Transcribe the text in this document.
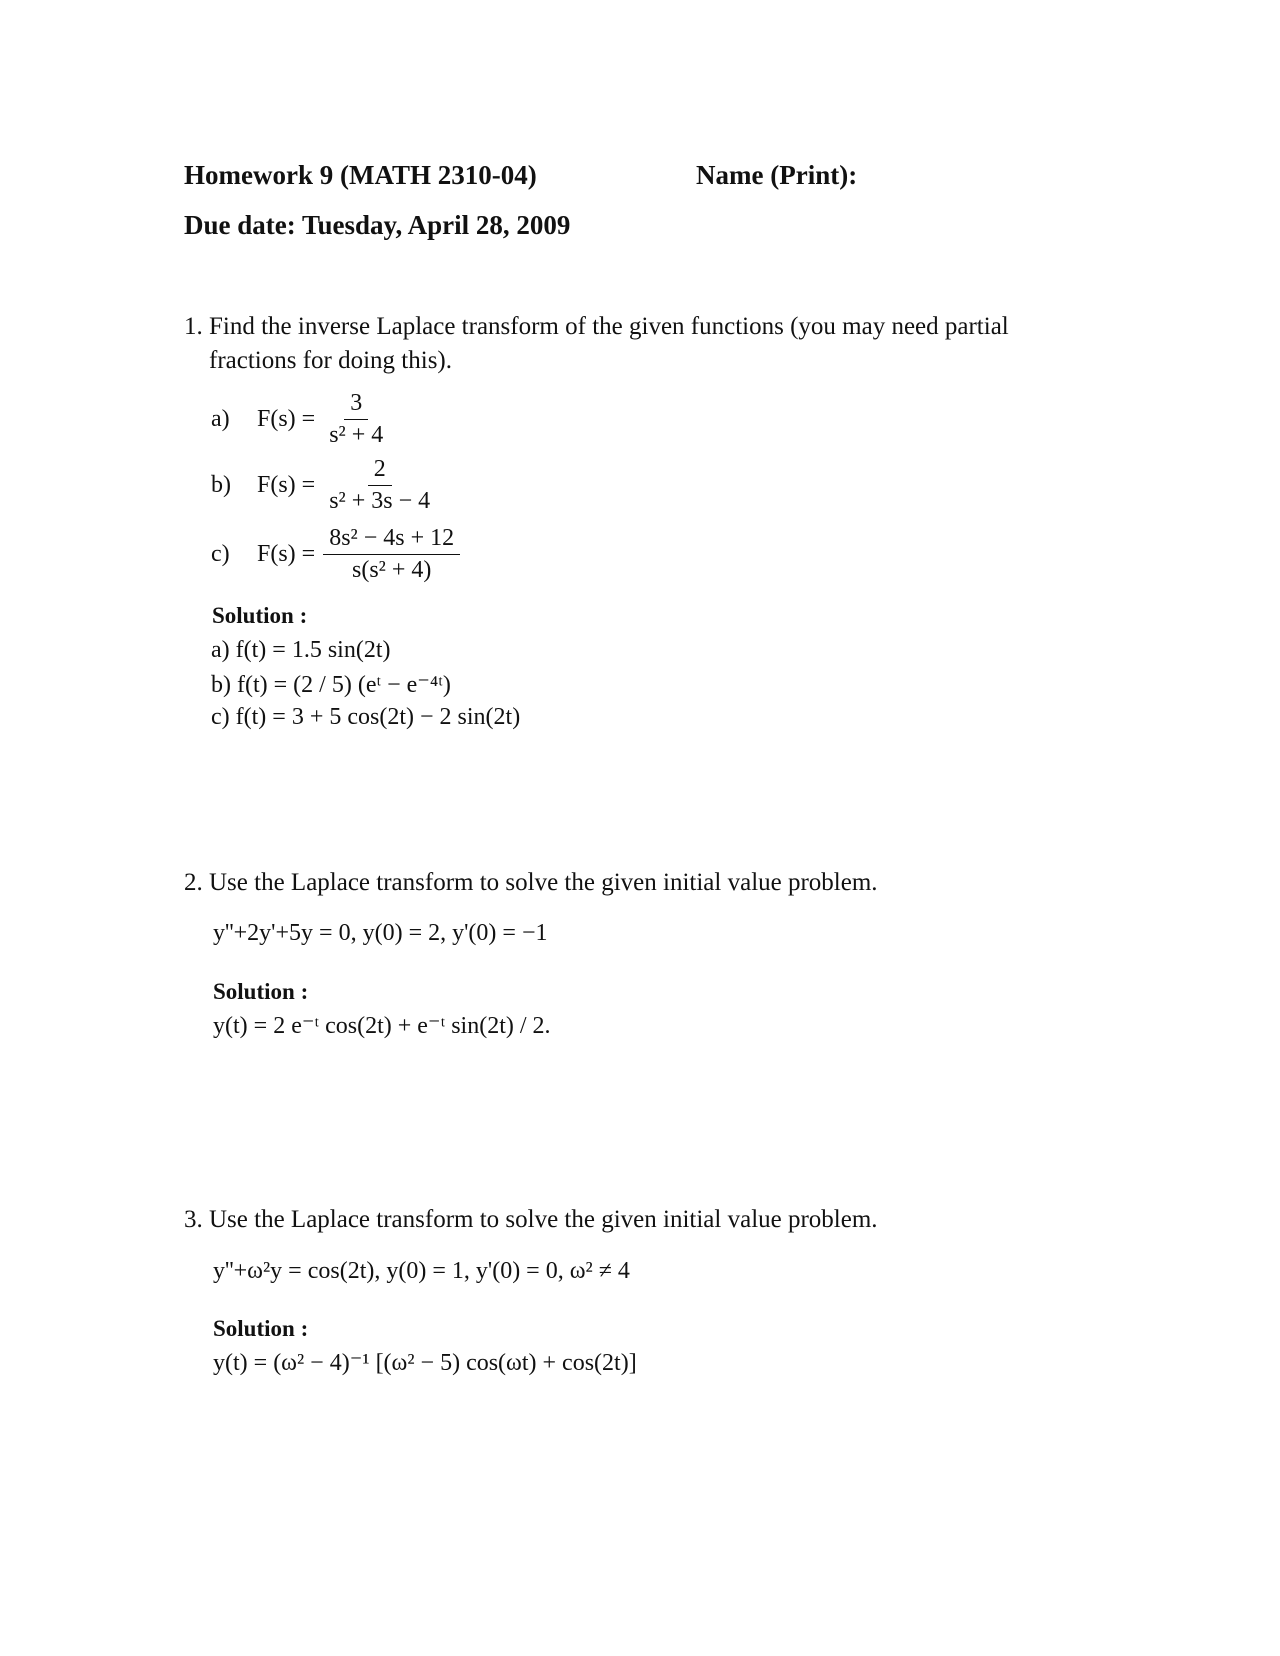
Homework 9 (MATH 2310-04)	Name (Print):
Due date: Tuesday, April 28, 2009
1. Find the inverse Laplace transform of the given functions (you may need partial
fractions for doing this).
a)	$F(s) = \frac{3}{\text{s² + 4}}$
b)	$F(s) = \frac{2}{\text{s² + 3s − 4}}$
c)	$F(s) = \frac{\text{8s² − 4s + 12}}{\text{s(s² + 4)}}$
Solution :
a) f(t) = 1.5 sin(2t)
b) f(t) = (2 / 5) (eᵗ − e⁻⁴ᵗ)
c) f(t) = 3 + 5 cos(2t) − 2 sin(2t)
2. Use the Laplace transform to solve the given initial value problem.
y''+2y'+5y = 0, y(0) = 2, y'(0) = −1
Solution :
y(t) = 2 e⁻ᵗ cos(2t) + e⁻ᵗ sin(2t) / 2.
3. Use the Laplace transform to solve the given initial value problem.
y''+ω²y = cos(2t), y(0) = 1, y'(0) = 0, ω² ≠ 4
Solution :
y(t) = (ω² − 4)⁻¹ [(ω² − 5) cos(ωt) + cos(2t)]
